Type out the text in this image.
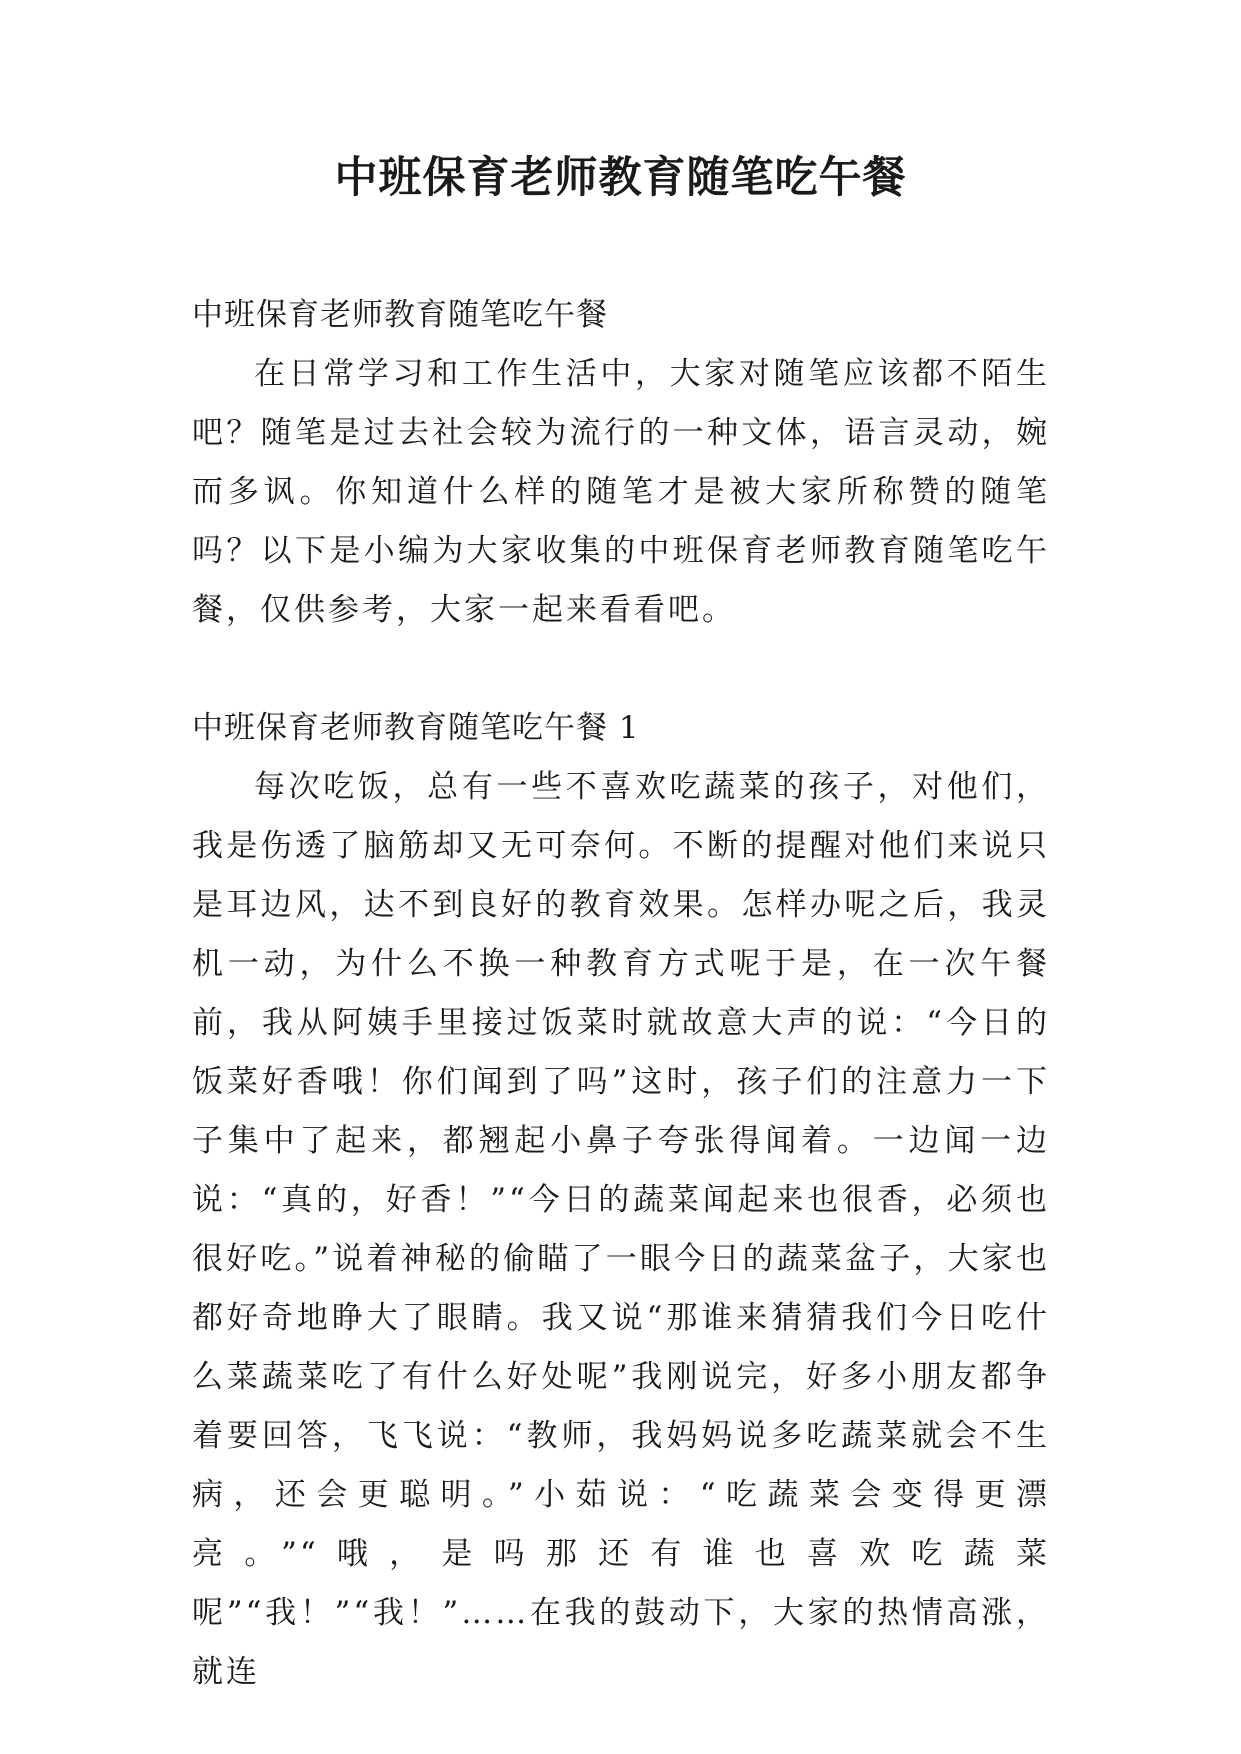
中班保育老师教育随笔吃午餐

中班保育老师教育随笔吃午餐

在日常学习和工作生活中，大家对随笔应该都不陌生吧？随笔是过去社会较为流行的一种文体，语言灵动，婉而多讽。你知道什么样的随笔才是被大家所称赞的随笔吗？以下是小编为大家收集的中班保育老师教育随笔吃午餐，仅供参考，大家一起来看看吧。

中班保育老师教育随笔吃午餐 1

每次吃饭，总有一些不喜欢吃蔬菜的孩子，对他们，我是伤透了脑筋却又无可奈何。不断的提醒对他们来说只是耳边风，达不到良好的教育效果。怎样办呢之后，我灵机一动，为什么不换一种教育方式呢于是，在一次午餐前，我从阿姨手里接过饭菜时就故意大声的说：“今日的饭菜好香哦！你们闻到了吗”这时，孩子们的注意力一下子集中了起来，都翘起小鼻子夸张得闻着。一边闻一边说：“真的，好香！”“今日的蔬菜闻起来也很香，必须也很好吃。”说着神秘的偷瞄了一眼今日的蔬菜盆子，大家也都好奇地睁大了眼睛。我又说“那谁来猜猜我们今日吃什么菜蔬菜吃了有什么好处呢”我刚说完，好多小朋友都争着要回答，飞飞说：“教师，我妈妈说多吃蔬菜就会不生病，还会更聪明。”小茹说：“吃蔬菜会变得更漂亮。”“哦，是吗那还有谁也喜欢吃蔬菜呢”“我！”“我！”……在我的鼓动下，大家的热情高涨，就连
